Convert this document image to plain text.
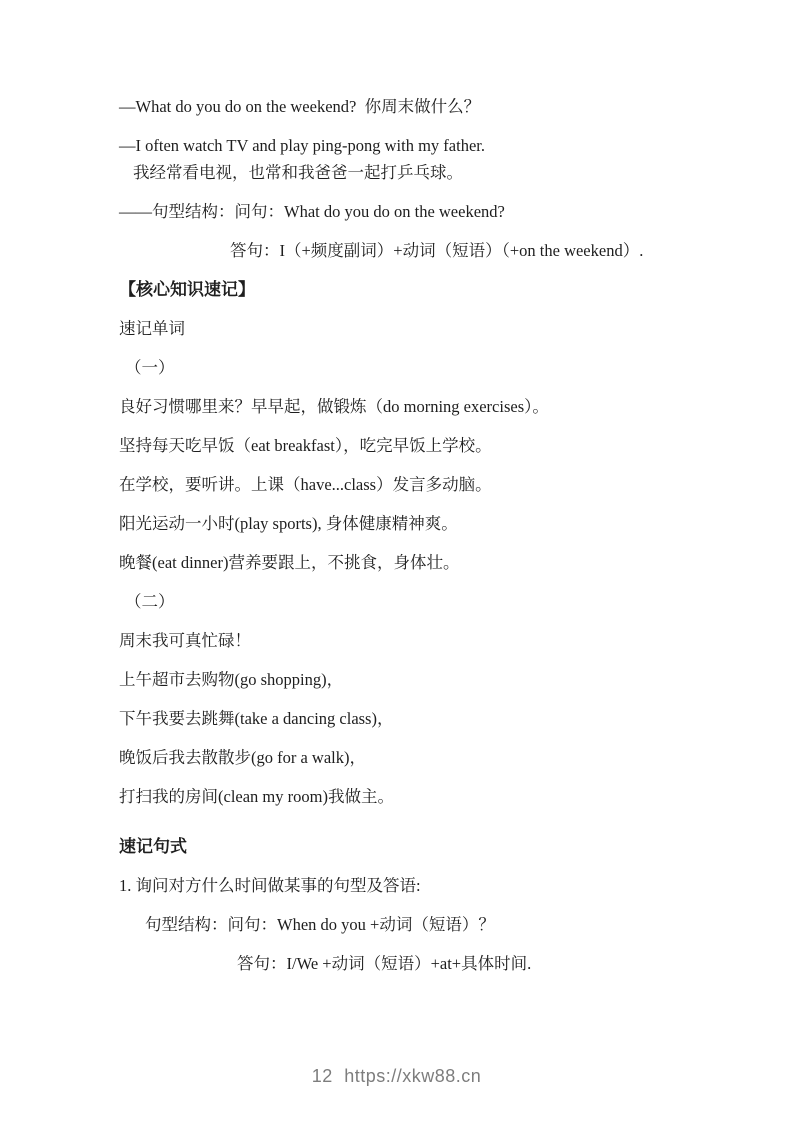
—What do you do on the weekend?  你周末做什么？

—I often watch TV and play ping-pong with my father.

我经常看电视，也常和我爸爸一起打乒乓球。

——句型结构：问句：What do you do on the weekend?

答句：I（+频度副词）+动词（短语）（+on the weekend）.

【核心知识速记】

速记单词

（一）

良好习惯哪里来？早早起，做锻炼（do morning exercises）。

坚持每天吃早饭（eat breakfast），吃完早饭上学校。

在学校，要听讲。上课（have...class）发言多动脑。

阳光运动一小时(play sports), 身体健康精神爽。

晚餐(eat dinner)营养要跟上，不挑食，身体壮。

（二）

周末我可真忙碌！

上午超市去购物(go shopping)，

下午我要去跳舞(take a dancing class)，

晚饭后我去散散步(go for a walk)，

打扫我的房间(clean my room)我做主。

速记句式

1. 询问对方什么时间做某事的句型及答语:

句型结构：问句：When do you +动词（短语）？

答句：I/We +动词（短语）+at+具体时间.

12 https://xkw88.cn
